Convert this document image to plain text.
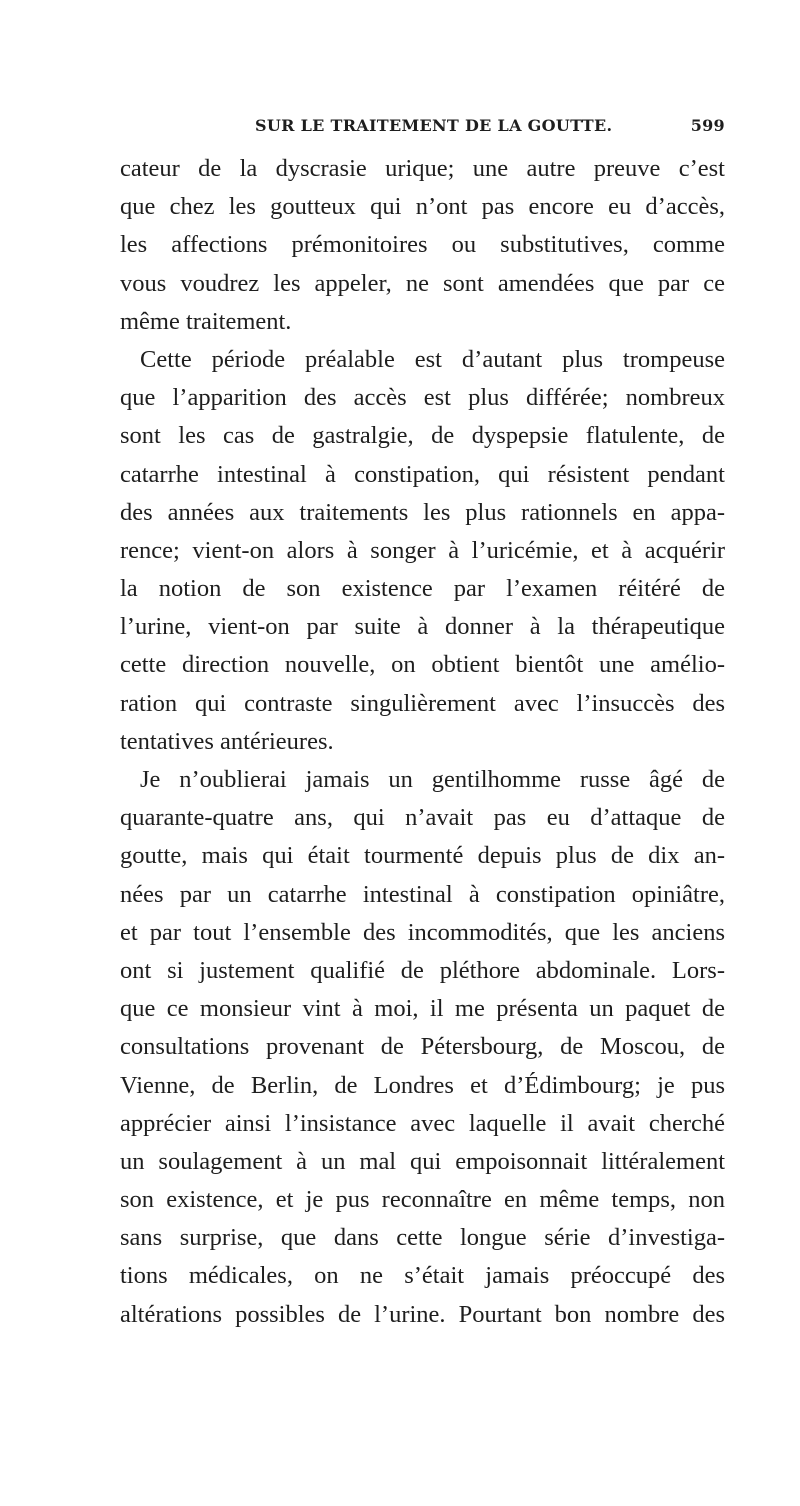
SUR LE TRAITEMENT DE LA GOUTTE.	599
cateur de la dyscrasie urique; une autre preuve c’est
que chez les goutteux qui n’ont pas encore eu d’accès,
les affections prémonitoires ou substitutives, comme
vous voudrez les appeler, ne sont amendées que par ce
même traitement.
Cette période préalable est d’autant plus trompeuse
que l’apparition des accès est plus différée; nombreux
sont les cas de gastralgie, de dyspepsie flatulente, de
catarrhe intestinal à constipation, qui résistent pendant
des années aux traitements les plus rationnels en appa-
rence; vient-on alors à songer à l’uricémie, et à acquérir
la notion de son existence par l’examen réitéré de
l’urine, vient-on par suite à donner à la thérapeutique
cette direction nouvelle, on obtient bientôt une amélio-
ration qui contraste singulièrement avec l’insuccès des
tentatives antérieures.
Je n’oublierai jamais un gentilhomme russe âgé de
quarante-quatre ans, qui n’avait pas eu d’attaque de
goutte, mais qui était tourmenté depuis plus de dix an-
nées par un catarrhe intestinal à constipation opiniâtre,
et par tout l’ensemble des incommodités, que les anciens
ont si justement qualifié de pléthore abdominale. Lors-
que ce monsieur vint à moi, il me présenta un paquet de
consultations provenant de Pétersbourg, de Moscou, de
Vienne, de Berlin, de Londres et d’Édimbourg; je pus
apprécier ainsi l’insistance avec laquelle il avait cherché
un soulagement à un mal qui empoisonnait littéralement
son existence, et je pus reconnaître en même temps, non
sans surprise, que dans cette longue série d’investiga-
tions médicales, on ne s’était jamais préoccupé des
altérations possibles de l’urine. Pourtant bon nombre des
